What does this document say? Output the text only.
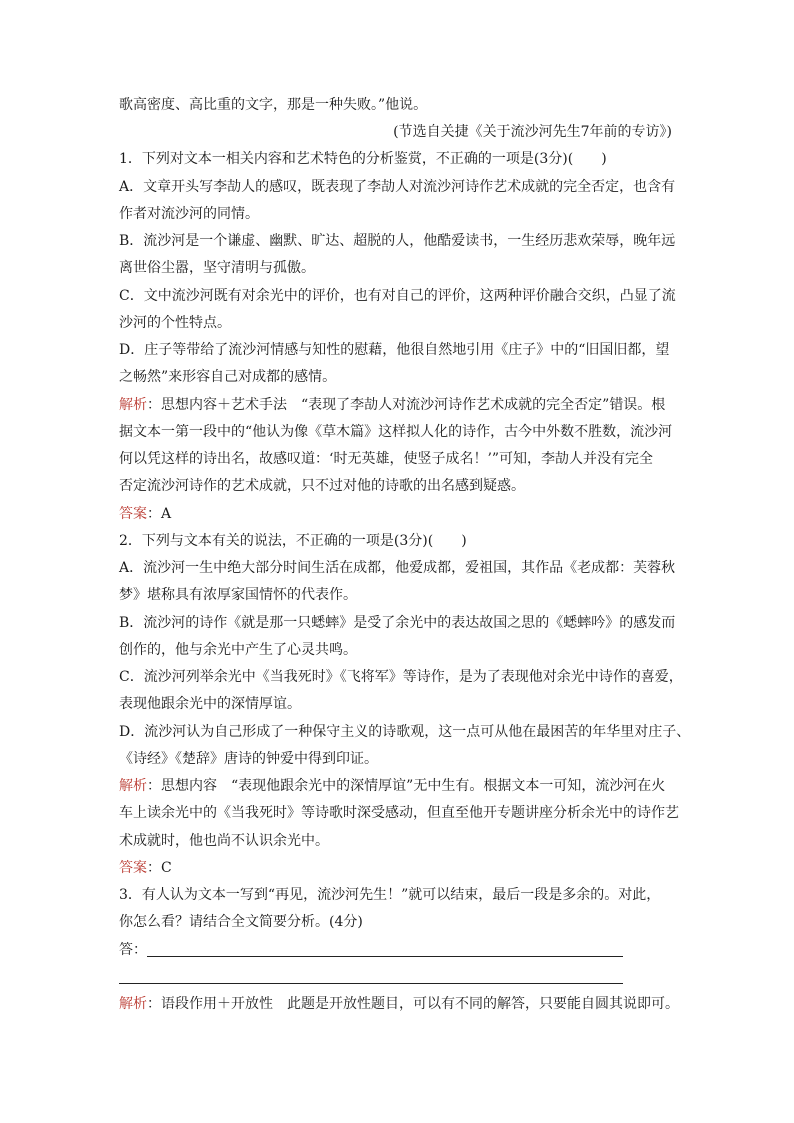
歌高密度、高比重的文字，那是一种失败。”他说。
(节选自关捷《关于流沙河先生7年前的专访》)
1．下列对文本一相关内容和艺术特色的分析鉴赏，不正确的一项是(3分)(　　)
A．文章开头写李劼人的感叹，既表现了李劼人对流沙河诗作艺术成就的完全否定，也含有
作者对流沙河的同情。
B．流沙河是一个谦虚、幽默、旷达、超脱的人，他酷爱读书，一生经历悲欢荣辱，晚年远
离世俗尘嚣，坚守清明与孤傲。
C．文中流沙河既有对余光中的评价，也有对自己的评价，这两种评价融合交织，凸显了流
沙河的个性特点。
D．庄子等带给了流沙河情感与知性的慰藉，他很自然地引用《庄子》中的“旧国旧都，望
之畅然”来形容自己对成都的感情。
解析：思想内容＋艺术手法　“表现了李劼人对流沙河诗作艺术成就的完全否定”错误。根
据文本一第一段中的“他认为像《草木篇》这样拟人化的诗作，古今中外数不胜数，流沙河
何以凭这样的诗出名，故感叹道：‘时无英雄，使竖子成名！’”可知，李劼人并没有完全
否定流沙河诗作的艺术成就，只不过对他的诗歌的出名感到疑惑。
答案：A
2．下列与文本有关的说法，不正确的一项是(3分)(　　)
A．流沙河一生中绝大部分时间生活在成都，他爱成都，爱祖国，其作品《老成都：芙蓉秋
梦》堪称具有浓厚家国情怀的代表作。
B．流沙河的诗作《就是那一只蟋蟀》是受了余光中的表达故国之思的《蟋蟀吟》的感发而
创作的，他与余光中产生了心灵共鸣。
C．流沙河列举余光中《当我死时》《飞将军》等诗作，是为了表现他对余光中诗作的喜爱，
表现他跟余光中的深情厚谊。
D．流沙河认为自己形成了一种保守主义的诗歌观，这一点可从他在最困苦的年华里对庄子、
《诗经》《楚辞》唐诗的钟爱中得到印证。
解析：思想内容　“表现他跟余光中的深情厚谊”无中生有。根据文本一可知，流沙河在火
车上读余光中的《当我死时》等诗歌时深受感动，但直至他开专题讲座分析余光中的诗作艺
术成就时，他也尚不认识余光中。
答案：C
3．有人认为文本一写到“再见，流沙河先生！”就可以结束，最后一段是多余的。对此，
你怎么看？请结合全文简要分析。(4分)
答：
解析：语段作用＋开放性　此题是开放性题目，可以有不同的解答，只要能自圆其说即可。
